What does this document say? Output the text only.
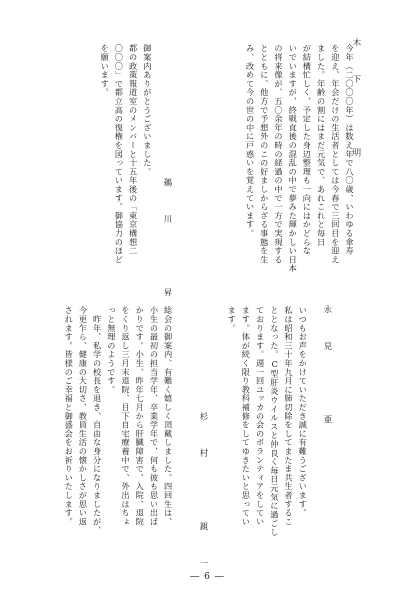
木　下　　　明
今年（二〇〇〇年）は数え年で八〇歳、いわゆる傘寿
を迎え、年会だけの生活者としては今春で三回目を迎え
ました。年齢の割にはまだ元気で、あれこれと毎日
が結構忙しく、予定した身辺整理も一向にはかどらな
いでいますが、終戦直後の混乱の中で夢みた輝かしい日本
の将来像が、五〇余年の時の経過の中で一方で実現する
とともに、他方で予想外のこの好ましからざる事態を生
み、改めて今の世の中に戸惑いを覚えています。
鵜　川　　　昇
御案内ありがとうございました。
都の政策報道室のメンバーと十五年後の「東京構想二
〇〇〇」で都立高の復権を図っています。御協力のほど
を願います。
永　見　　　亜
いつもお声をかけていただき誠に有難うございます。
私は昭和三十年九月に肺切除をしてまたま共生者するこ
ととなった。C型肝炎ウイルスと仲良く毎日元気に過ごし
ております。週一回ユッカの会のボランティアをしてい
ます。体が続く限り教科補修をしてゆきたいと思ってい
ます。
杉　村　　　親　一
総会の御案内、有難く嬉しく頂戴しました。四回生は、
小生の最初の担当学年、卒業学年で、何も彼も思い出ば
かりです。小生、昨年七月から肝臓障害で、入院、退院
をくり返し三月末退院、目下自宅療養中で、外出はちょ
っと無理のようです。
　昨年、私学の校長を退き、自由な身分になりましたが、
今更乍ら、健康の大切さ、教員生活の懐かしさが思い返
されます。皆様のご幸福と御盛会をお祈りいたします。
― 6 ―
